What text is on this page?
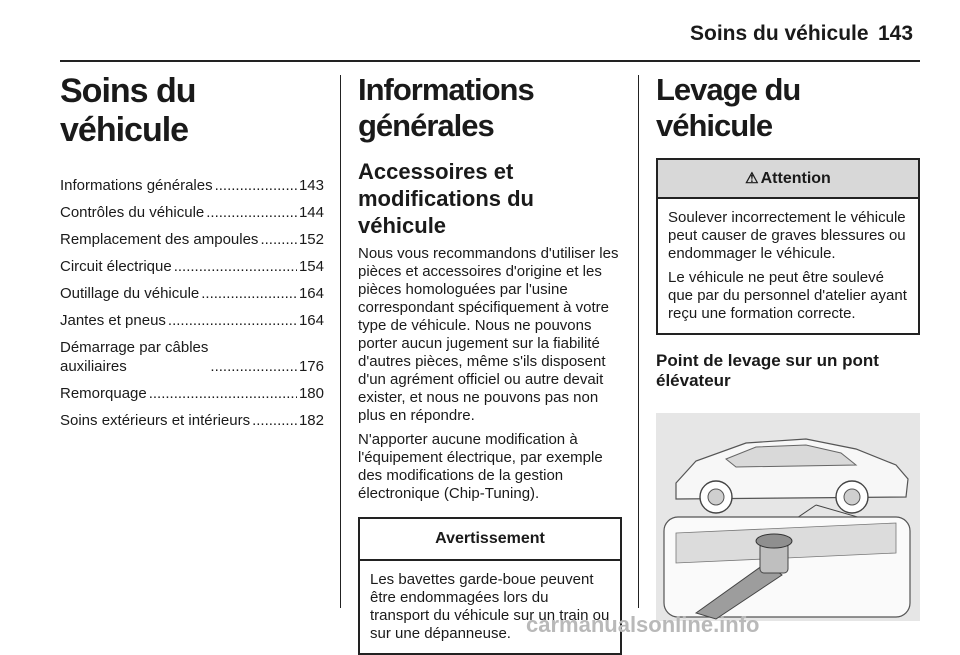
Soins du véhicule 143
Soins du véhicule
Informations générales .....	143
Contrôles du véhicule .....	144
Remplacement des ampoules .....	152
Circuit électrique .....	154
Outillage du véhicule .....	164
Jantes et pneus .....	164
Démarrage par câbles
auxiliaires .....	176
Remorquage .....	180
Soins extérieurs et intérieurs .....	182
Informations générales
Accessoires et modifications du véhicule

Nous vous recommandons d'utiliser les pièces et accessoires d'origine et les pièces homologuées par l'usine correspondant spécifiquement à votre type de véhicule. Nous ne pouvons porter aucun jugement sur la fiabilité d'autres pièces, même s'ils disposent d'un agrément officiel ou autre devait exister, et nous ne pouvons pas non plus en répondre.

N'apporter aucune modification à l'équipement électrique, par exemple des modifications de la gestion électronique (Chip-Tuning).

Avertissement

Les bavettes garde-boue peuvent être endommagées lors du transport du véhicule sur un train ou sur une dépanneuse.

Levage du véhicule
⚠ Attention

Soulever incorrectement le véhicule peut causer de graves blessures ou endommager le véhicule.

Le véhicule ne peut être soulevé que par du personnel d'atelier ayant reçu une formation correcte.

Point de levage sur un pont élévateur
carmanualsonline.info
